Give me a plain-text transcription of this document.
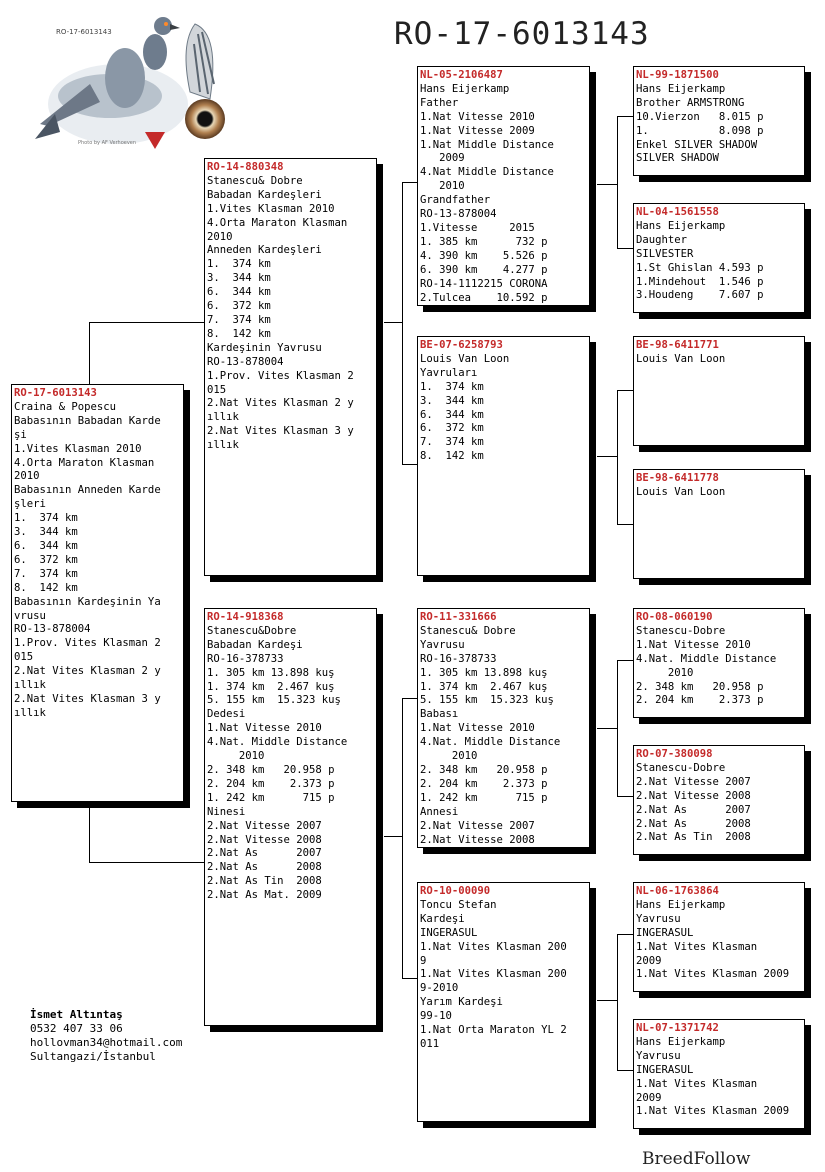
RO-17-6013143
RO-17-6013143
Photo by AF Verhoeven
RO-17-6013143
Craina & Popescu
Babasının Babadan Karde
şi
1.Vites Klasman 2010
4.Orta Maraton Klasman
2010
Babasının Anneden Karde
şleri
1.  374 km
3.  344 km
6.  344 km
6.  372 km
7.  374 km
8.  142 km
Babasının Kardeşinin Ya
vrusu
RO-13-878004
1.Prov. Vites Klasman 2
015
2.Nat Vites Klasman 2 y
ıllık
2.Nat Vites Klasman 3 y
ıllık
RO-14-880348
Stanescu& Dobre
Babadan Kardeşleri
1.Vites Klasman 2010
4.Orta Maraton Klasman
2010
Anneden Kardeşleri
1.  374 km
3.  344 km
6.  344 km
6.  372 km
7.  374 km
8.  142 km
Kardeşinin Yavrusu
RO-13-878004
1.Prov. Vites Klasman 2
015
2.Nat Vites Klasman 2 y
ıllık
2.Nat Vites Klasman 3 y
ıllık
RO-14-918368
Stanescu&Dobre
Babadan Kardeşi
RO-16-378733
1. 305 km 13.898 kuş
1. 374 km  2.467 kuş
5. 155 km  15.323 kuş
Dedesi
1.Nat Vitesse 2010
4.Nat. Middle Distance
2010
2. 348 km   20.958 p
2. 204 km    2.373 p
1. 242 km      715 p
Ninesi
2.Nat Vitesse 2007
2.Nat Vitesse 2008
2.Nat As      2007
2.Nat As      2008
2.Nat As Tin  2008
2.Nat As Mat. 2009
NL-05-2106487
Hans Eijerkamp
Father
1.Nat Vitesse 2010
1.Nat Vitesse 2009
1.Nat Middle Distance
2009
4.Nat Middle Distance
2010
Grandfather
RO-13-878004
1.Vitesse     2015
1. 385 km      732 p
4. 390 km    5.526 p
6. 390 km    4.277 p
RO-14-1112215 CORONA
2.Tulcea    10.592 p
BE-07-6258793
Louis Van Loon
Yavruları
1.  374 km
3.  344 km
6.  344 km
6.  372 km
7.  374 km
8.  142 km
RO-11-331666
Stanescu& Dobre
Yavrusu
RO-16-378733
1. 305 km 13.898 kuş
1. 374 km  2.467 kuş
5. 155 km  15.323 kuş
Babası
1.Nat Vitesse 2010
4.Nat. Middle Distance
2010
2. 348 km   20.958 p
2. 204 km    2.373 p
1. 242 km      715 p
Annesi
2.Nat Vitesse 2007
2.Nat Vitesse 2008
RO-10-00090
Toncu Stefan
Kardeşi
INGERASUL
1.Nat Vites Klasman 200
9
1.Nat Vites Klasman 200
9-2010
Yarım Kardeşi
99-10
1.Nat Orta Maraton YL 2
011
NL-99-1871500
Hans Eijerkamp
Brother ARMSTRONG
10.Vierzon   8.015 p
1.           8.098 p
Enkel SILVER SHADOW
SILVER SHADOW
NL-04-1561558
Hans Eijerkamp
Daughter
SILVESTER
1.St Ghislan 4.593 p
1.Mindehout  1.546 p
3.Houdeng    7.607 p
BE-98-6411771
Louis Van Loon
BE-98-6411778
Louis Van Loon
RO-08-060190
Stanescu-Dobre
1.Nat Vitesse 2010
4.Nat. Middle Distance
2010
2. 348 km   20.958 p
2. 204 km    2.373 p
RO-07-380098
Stanescu-Dobre
2.Nat Vitesse 2007
2.Nat Vitesse 2008
2.Nat As      2007
2.Nat As      2008
2.Nat As Tin  2008
NL-06-1763864
Hans Eijerkamp
Yavrusu
INGERASUL
1.Nat Vites Klasman
2009
1.Nat Vites Klasman 2009
NL-07-1371742
Hans Eijerkamp
Yavrusu
INGERASUL
1.Nat Vites Klasman
2009
1.Nat Vites Klasman 2009
İsmet Altıntaş
0532 407 33 06
hollovman34@hotmail.com
Sultangazi/İstanbul
BreedFollow
